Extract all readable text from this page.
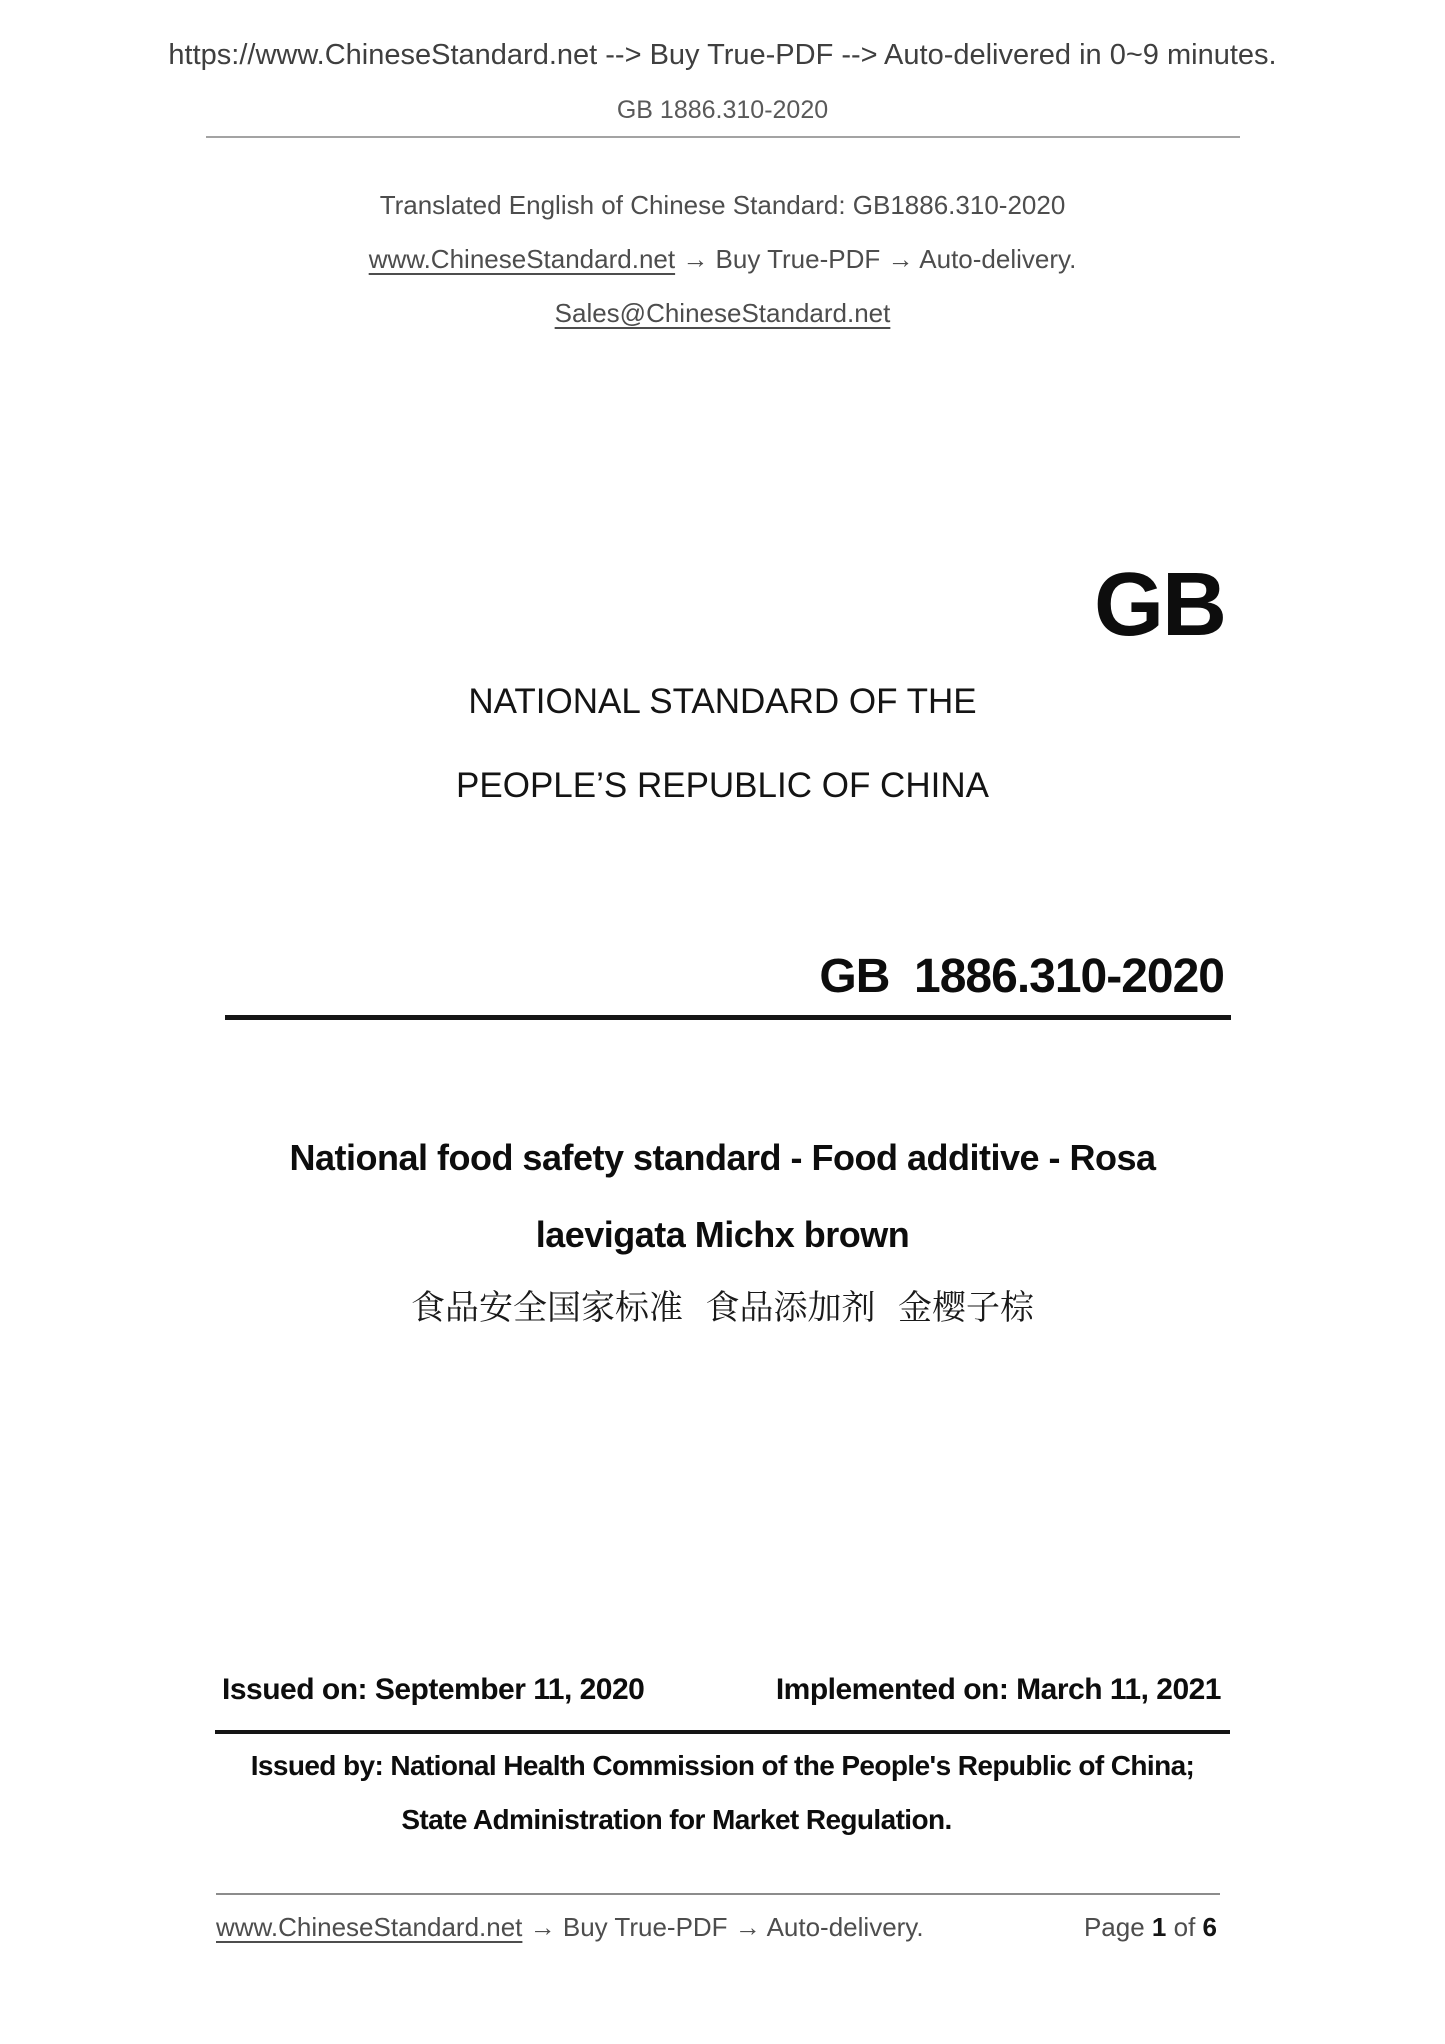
https://www.ChineseStandard.net --> Buy True-PDF --> Auto-delivered in 0~9 minutes.
GB 1886.310-2020
Translated English of Chinese Standard: GB1886.310-2020
www.ChineseStandard.net → Buy True-PDF → Auto-delivery.
Sales@ChineseStandard.net
GB
NATIONAL STANDARD OF THE
PEOPLE’S REPUBLIC OF CHINA
GB  1886.310-2020
National food safety standard - Food additive - Rosa
laevigata Michx brown
食品安全国家标准 食品添加剂 金樱子棕
Issued on: September 11, 2020	Implemented on: March 11, 2021
Issued by: National Health Commission of the People's Republic of China;
State Administration for Market Regulation.
www.ChineseStandard.net → Buy True-PDF → Auto-delivery.	Page 1 of 6
